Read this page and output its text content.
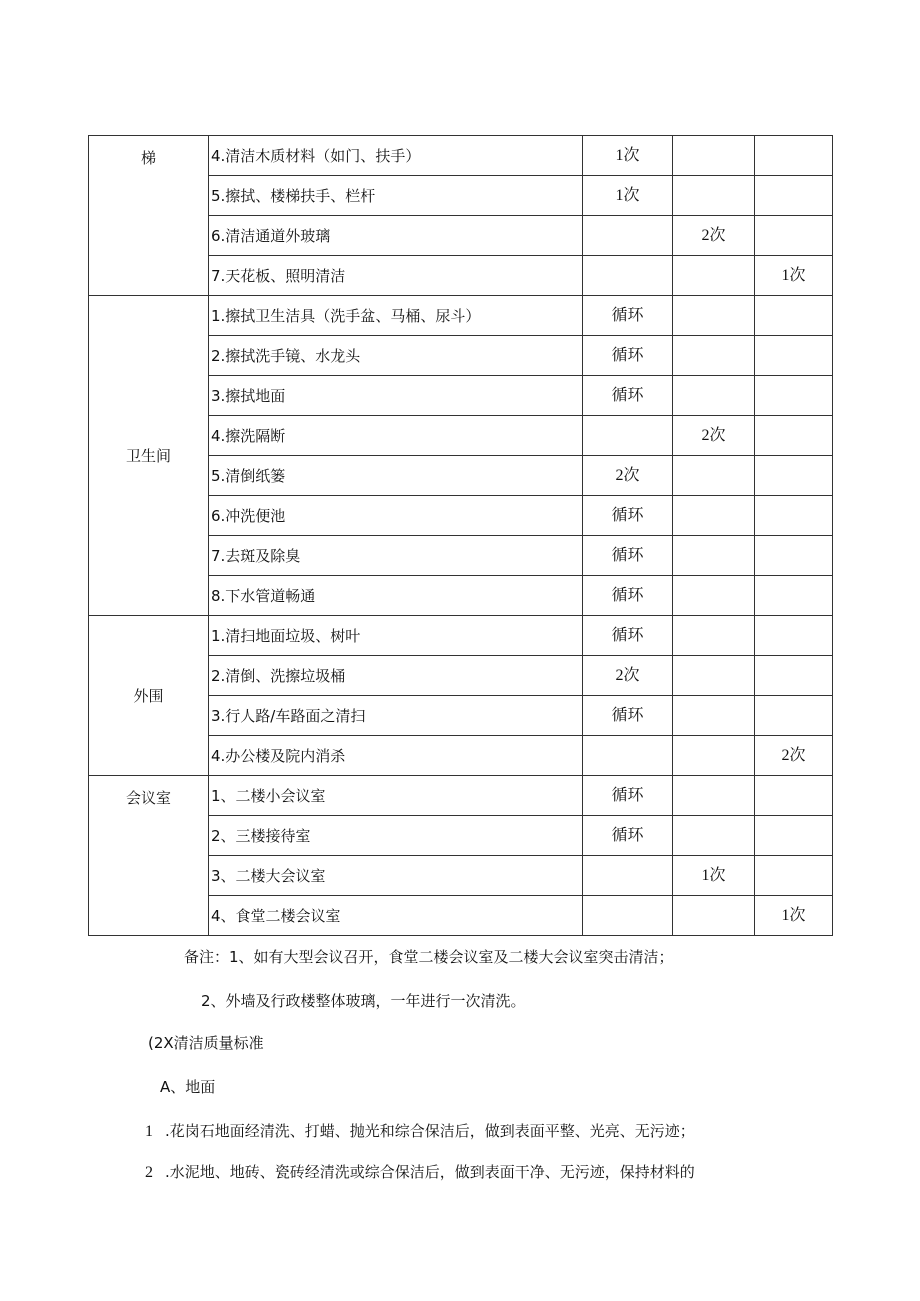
梯	4.清洁木质材料（如门、扶手）	1次		
	5.擦拭、楼梯扶手、栏杆	1次		
	6.清洁通道外玻璃		2次	
	7.天花板、照明清洁			1次
卫生间	1.擦拭卫生洁具（洗手盆、马桶、尿斗）	循环		
	2.擦拭洗手镜、水龙头	循环		
	3.擦拭地面	循环		
	4.擦洗隔断		2次	
	5.清倒纸篓	2次		
	6.冲洗便池	循环		
	7.去斑及除臭	循环		
	8.下水管道畅通	循环		
外围	1.清扫地面垃圾、树叶	循环		
	2.清倒、洗擦垃圾桶	2次		
	3.行人路/车路面之清扫	循环		
	4.办公楼及院内消杀			2次
会议室	1、二楼小会议室	循环		
	2、三楼接待室	循环		
	3、二楼大会议室		1次	
	4、食堂二楼会议室			1次

备注：1、如有大型会议召开，食堂二楼会议室及二楼大会议室突击清洁；

2、外墙及行政楼整体玻璃，一年进行一次清洗。

(2X清洁质量标准

A、地面

1 .花岗石地面经清洗、打蜡、抛光和综合保洁后，做到表面平整、光亮、无污迹；

2 .水泥地、地砖、瓷砖经清洗或综合保洁后，做到表面干净、无污迹，保持材料的
